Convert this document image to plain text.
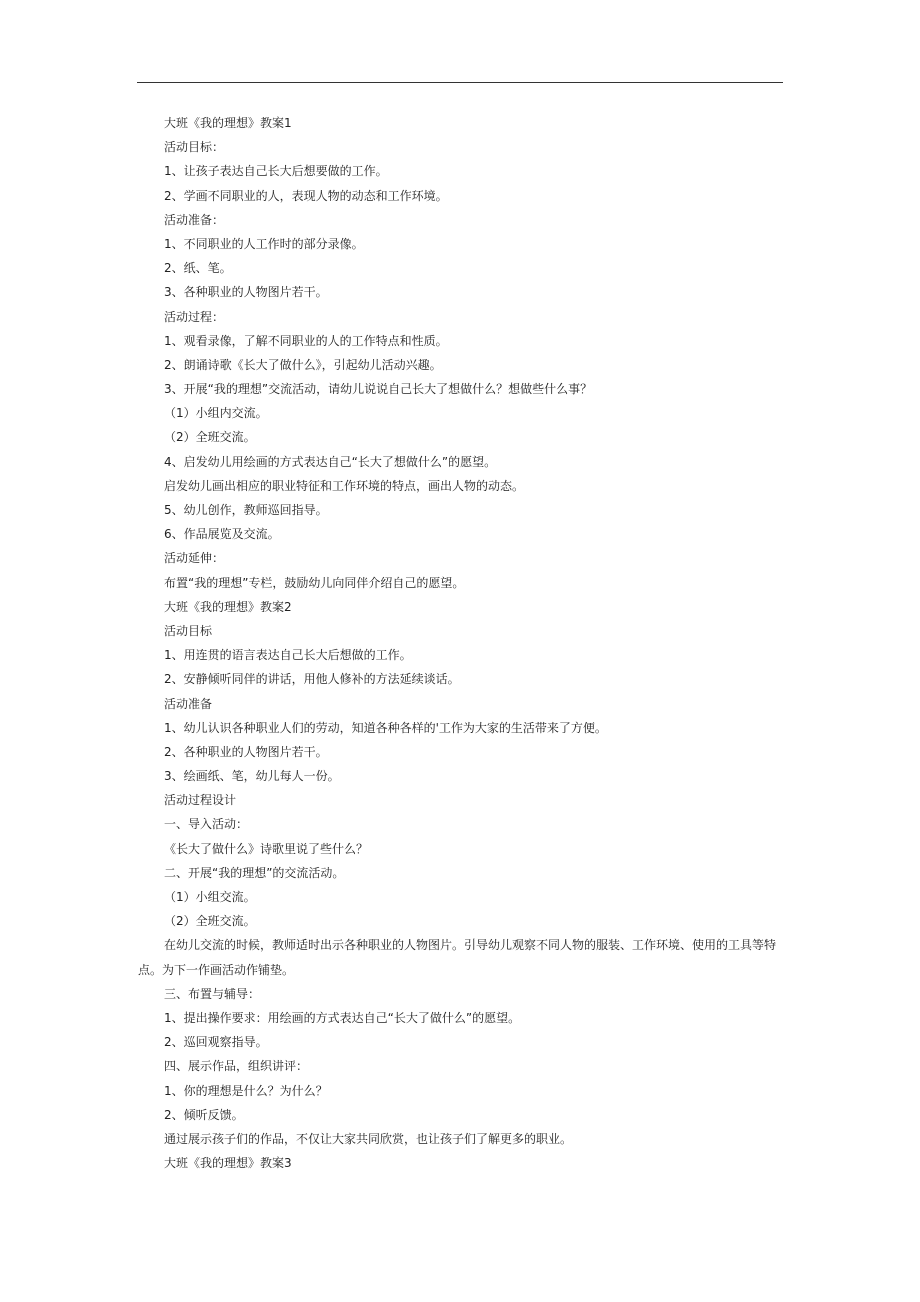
大班《我的理想》教案1
活动目标：
1、让孩子表达自己长大后想要做的工作。
2、学画不同职业的人，表现人物的动态和工作环境。
活动准备：
1、不同职业的人工作时的部分录像。
2、纸、笔。
3、各种职业的人物图片若干。
活动过程：
1、观看录像，了解不同职业的人的工作特点和性质。
2、朗诵诗歌《长大了做什么》，引起幼儿活动兴趣。
3、开展“我的理想”交流活动，请幼儿说说自己长大了想做什么？想做些什么事？
（1）小组内交流。
（2）全班交流。
4、启发幼儿用绘画的方式表达自己“长大了想做什么”的愿望。
启发幼儿画出相应的职业特征和工作环境的特点，画出人物的动态。
5、幼儿创作，教师巡回指导。
6、作品展览及交流。
活动延伸：
布置“我的理想”专栏，鼓励幼儿向同伴介绍自己的愿望。
大班《我的理想》教案2
活动目标
1、用连贯的语言表达自己长大后想做的工作。
2、安静倾听同伴的讲话，用他人修补的方法延续谈话。
活动准备
1、幼儿认识各种职业人们的劳动，知道各种各样的'工作为大家的生活带来了方便。
2、各种职业的人物图片若干。
3、绘画纸、笔，幼儿每人一份。
活动过程设计
一、导入活动：
《长大了做什么》诗歌里说了些什么？
二、开展“我的理想”的交流活动。
（1）小组交流。
（2）全班交流。
在幼儿交流的时候，教师适时出示各种职业的人物图片。引导幼儿观察不同人物的服装、工作环境、使用的工具等特点。为下一作画活动作铺垫。
三、布置与辅导：
1、提出操作要求：用绘画的方式表达自己“长大了做什么”的愿望。
2、巡回观察指导。
四、展示作品，组织讲评：
1、你的理想是什么？为什么？
2、倾听反馈。
通过展示孩子们的作品，不仅让大家共同欣赏，也让孩子们了解更多的职业。
大班《我的理想》教案3
